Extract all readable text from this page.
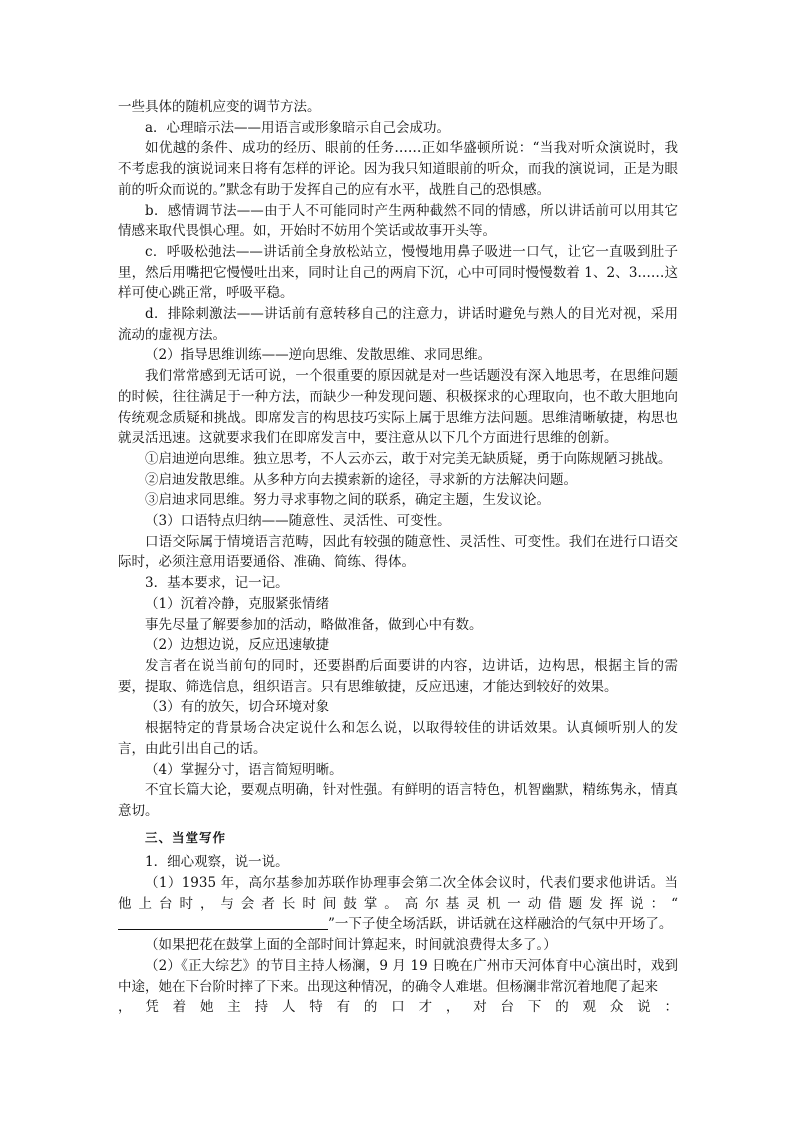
一些具体的随机应变的调节方法。

a．心理暗示法——用语言或形象暗示自己会成功。

如优越的条件、成功的经历、眼前的任务……正如华盛顿所说：“当我对听众演说时，我不考虑我的演说词来日将有怎样的评论。因为我只知道眼前的听众，而我的演说词，正是为眼前的听众而说的。”默念有助于发挥自己的应有水平，战胜自己的恐惧感。

b．感情调节法——由于人不可能同时产生两种截然不同的情感，所以讲话前可以用其它情感来取代畏惧心理。如，开始时不妨用个笑话或故事开头等。

c．呼吸松弛法——讲话前全身放松站立，慢慢地用鼻子吸进一口气，让它一直吸到肚子里，然后用嘴把它慢慢吐出来，同时让自己的两肩下沉，心中可同时慢慢数着 1、2、3……这样可使心跳正常，呼吸平稳。

d．排除刺激法——讲话前有意转移自己的注意力，讲话时避免与熟人的目光对视，采用流动的虚视方法。

（2）指导思维训练——逆向思维、发散思维、求同思维。

我们常常感到无话可说，一个很重要的原因就是对一些话题没有深入地思考，在思维问题的时候，往往满足于一种方法，而缺少一种发现问题、积极探求的心理取向，也不敢大胆地向传统观念质疑和挑战。即席发言的构思技巧实际上属于思维方法问题。思维清晰敏捷，构思也就灵活迅速。这就要求我们在即席发言中，要注意从以下几个方面进行思维的创新。

①启迪逆向思维。独立思考，不人云亦云，敢于对完美无缺质疑，勇于向陈规陋习挑战。

②启迪发散思维。从多种方向去摸索新的途径，寻求新的方法解决问题。

③启迪求同思维。努力寻求事物之间的联系，确定主题，生发议论。

（3）口语特点归纳——随意性、灵活性、可变性。

口语交际属于情境语言范畴，因此有较强的随意性、灵活性、可变性。我们在进行口语交际时，必须注意用语要通俗、准确、简练、得体。

3．基本要求，记一记。

（1）沉着冷静，克服紧张情绪

事先尽量了解要参加的活动，略做准备，做到心中有数。

（2）边想边说，反应迅速敏捷

发言者在说当前句的同时，还要斟酌后面要讲的内容，边讲话，边构思，根据主旨的需要，提取、筛选信息，组织语言。只有思维敏捷，反应迅速，才能达到较好的效果。

（3）有的放矢，切合环境对象

根据特定的背景场合决定说什么和怎么说，以取得较佳的讲话效果。认真倾听别人的发言，由此引出自己的话。

（4）掌握分寸，语言简短明晰。

不宜长篇大论，要观点明确，针对性强。有鲜明的语言特色，机智幽默，精练隽永，情真意切。

三、当堂写作

1．细心观察，说一说。

（1）1935 年，高尔基参加苏联作协理事会第二次全体会议时，代表们要求他讲话。当他上台时，与会者长时间鼓掌。高尔基灵机一动借题发挥说：“”一下子使全场活跃，讲话就在这样融洽的气氛中开场了。

（如果把花在鼓掌上面的全部时间计算起来，时间就浪费得太多了。）

（2）《正大综艺》的节目主持人杨澜，9 月 19 日晚在广州市天河体育中心演出时，戏到中途，她在下台阶时摔了下来。出现这种情况，的确令人难堪。但杨澜非常沉着地爬了起来

，凭着她主持人特有的口才，对台下的观众说：
